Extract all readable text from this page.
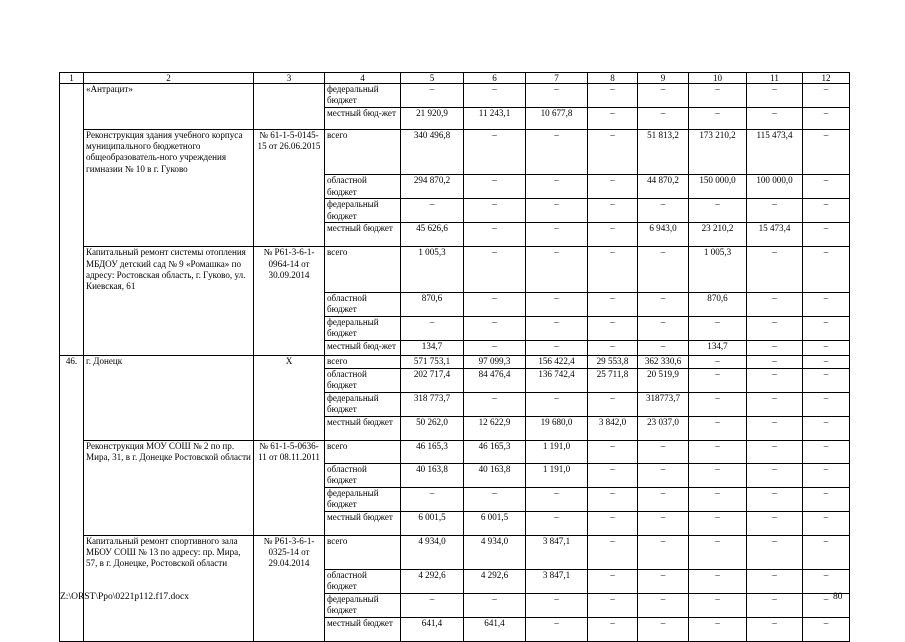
1	2	3	4	5	6	7	8	9	10	11	12
	«Антрацит»		федеральный бюджет	–	–	–	–	–	–	–	–
			местный бюд-жет	21 920,9	11 243,1	10 677,8	–	–	–	–	–
	Реконструкция здания учебного корпуса муниципального бюджетного общеобразователь-ного учреждения гимназии № 10 в г. Гуково	№ 61-1-5-0145-15 от 26.06.2015	всего	340 496,8	–	–	–	51 813,2	173 210,2	115 473,4	–
			областной бюджет	294 870,2	–	–	–	44 870,2	150 000,0	100 000,0	–
			федеральный бюджет	–	–	–	–	–	–	–	–
			местный бюджет	45 626,6	–	–	–	6 943,0	23 210,2	15 473,4	–
	Капитальный ремонт системы отопления МБДОУ детский сад № 9 «Ромашка» по адресу: Ростовская область, г. Гуково, ул. Киевская, 61	№ Р61-3-6-1-0964-14 от 30.09.2014	всего	1 005,3	–	–	–	–	1 005,3	–	–
			областной бюджет	870,6	–	–	–	–	870,6	–	–
			федеральный бюджет	–	–	–	–	–	–	–	–
			местный бюд-жет	134,7	–	–	–	–	134,7	–	–
46.	г. Донецк	Х	всего	571 753,1	97 099,3	156 422,4	29 553,8	362 330,6	–	–	–
			областной бюджет	202 717,4	84 476,4	136 742,4	25 711,8	20 519,9	–	–	–
			федеральный бюджет	318 773,7	–	–	–	318773,7	–	–	–
			местный бюджет	50 262,0	12 622,9	19 680,0	3 842,0	23 037,0	–	–	–
	Реконструкция МОУ СОШ № 2 по пр. Мира, 31, в г. Донецке Ростовской области	№ 61-1-5-0636-11 от 08.11.2011	всего	46 165,3	46 165,3	1 191,0	–	–	–	–	–
			областной бюджет	40 163,8	40 163,8	1 191,0	–	–	–	–	–
			федеральный бюджет	–	–	–	–	–	–	–	–
			местный бюджет	6 001,5	6 001,5	–	–	–	–	–	–
	Капитальный ремонт спортивного зала МБОУ СОШ № 13 по адресу: пр. Мира, 57, в г. Донецке, Ростовской области	№ Р61-3-6-1-0325-14 от 29.04.2014	всего	4 934,0	4 934,0	3 847,1	–	–	–	–	–
			областной бюджет	4 292,6	4 292,6	3 847,1	–	–	–	–	–
			федеральный бюджет	–	–	–	–	–	–	–	–
			местный бюджет	641,4	641,4	–	–	–	–	–	–
Z:\ORST\Ppo\0221p112.f17.docx	80
